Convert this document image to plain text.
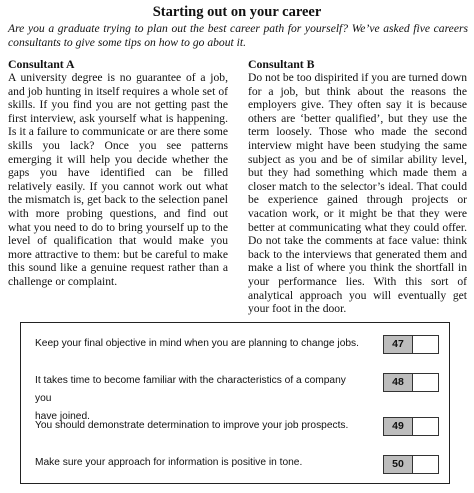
Starting out on your career
Are you a graduate trying to plan out the best career path for yourself? We’ve asked five careers consultants to give some tips on how to go about it.
Consultant A

A university degree is no guarantee of a job, and job hunting in itself requires a whole set of skills. If you find you are not getting past the first interview, ask yourself what is happening. Is it a failure to communicate or are there some skills you lack? Once you see patterns emerging it will help you decide whether the gaps you have identified can be filled relatively easily. If you cannot work out what the mismatch is, get back to the selection panel with more probing questions, and find out what you need to do to bring yourself up to the level of qualification that would make you more attractive to them: but be careful to make this sound like a genuine request rather than a challenge or complaint.

Consultant B

Do not be too dispirited if you are turned down for a job, but think about the reasons the employers give. They often say it is because others are ‘better qualified’, but they use the term loosely. Those who made the second interview might have been studying the same subject as you and be of similar ability level, but they had something which made them a closer match to the selector’s ideal. That could be experience gained through projects or vacation work, or it might be that they were better at communicating what they could offer. Do not take the comments at face value: think back to the interviews that generated them and make a list of where you think the shortfall in your performance lies. With this sort of analytical approach you will eventually get your foot in the door.

Keep your final objective in mind when you are planning to change jobs.	47
It takes time to become familiar with the characteristics of a company you
have joined.
48
You should demonstrate determination to improve your job prospects.	49
Make sure your approach for information is positive in tone.	50
